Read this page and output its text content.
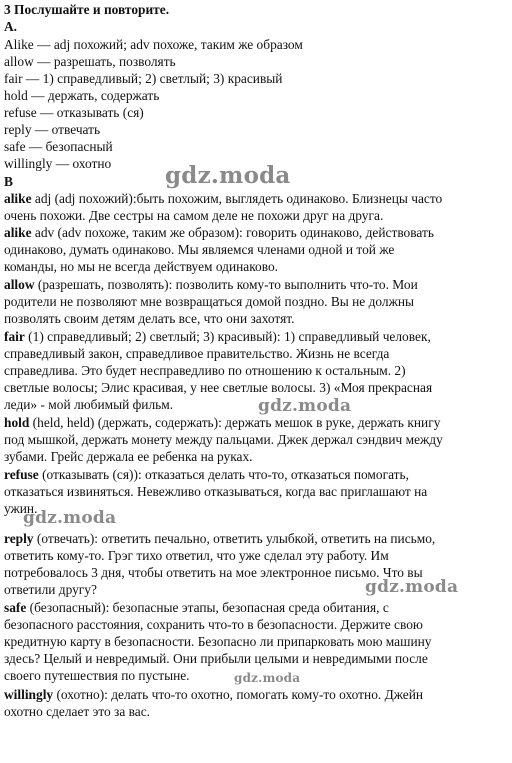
3 Послушайте и повторите.
A.
Alike — adj похожий; adv похоже, таким же образом
allow — разрешать, позволять
fair — 1) справедливый; 2) светлый; 3) красивый
hold — держать, содержать
refuse — отказывать (ся)
reply — отвечать
safe — безопасный
willingly — охотно
B
alike adj (adj похожий):быть похожим, выглядеть одинаково. Близнецы часто
очень похожи. Две сестры на самом деле не похожи друг на друга.
alike adv (adv похоже, таким же образом): говорить одинаково, действовать
одинаково, думать одинаково. Мы являемся членами одной и той же
команды, но мы не всегда действуем одинаково.
allow (разрешать, позволять): позволить кому-то выполнить что-то. Мои
родители не позволяют мне возвращаться домой поздно. Вы не должны
позволять своим детям делать все, что они захотят.
fair (1) справедливый; 2) светлый; 3) красивый): 1) справедливый человек,
справедливый закон, справедливое правительство. Жизнь не всегда
справедлива. Это будет несправедливо по отношению к остальным. 2)
светлые волосы; Элис красивая, у нее светлые волосы. 3) «Моя прекрасная
леди» - мой любимый фильм.
hold (held, held) (держать, содержать): держать мешок в руке, держать книгу
под мышкой, держать монету между пальцами. Джек держал сэндвич между
зубами. Грейс держала ее ребенка на руках.
refuse (отказывать (ся)): отказаться делать что-то, отказаться помогать,
отказаться извиняться. Невежливо отказываться, когда вас приглашают на
ужин.
reply (отвечать): ответить печально, ответить улыбкой, ответить на письмо,
ответить кому-то. Грэг тихо ответил, что уже сделал эту работу. Им
потребовалось 3 дня, чтобы ответить на мое электронное письмо. Что вы
ответили другу?
safe (безопасный): безопасные этапы, безопасная среда обитания, с
безопасного расстояния, сохранить что-то в безопасности. Держите свою
кредитную карту в безопасности. Безопасно ли припарковать мою машину
здесь? Целый и невредимый. Они прибыли целыми и невредимыми после
своего путешествия по пустыне.
willingly (охотно): делать что-то охотно, помогать кому-то охотно. Джейн
охотно сделает это за вас.
gdz.moda
gdz.moda
gdz.moda
gdz.moda
gdz.moda
